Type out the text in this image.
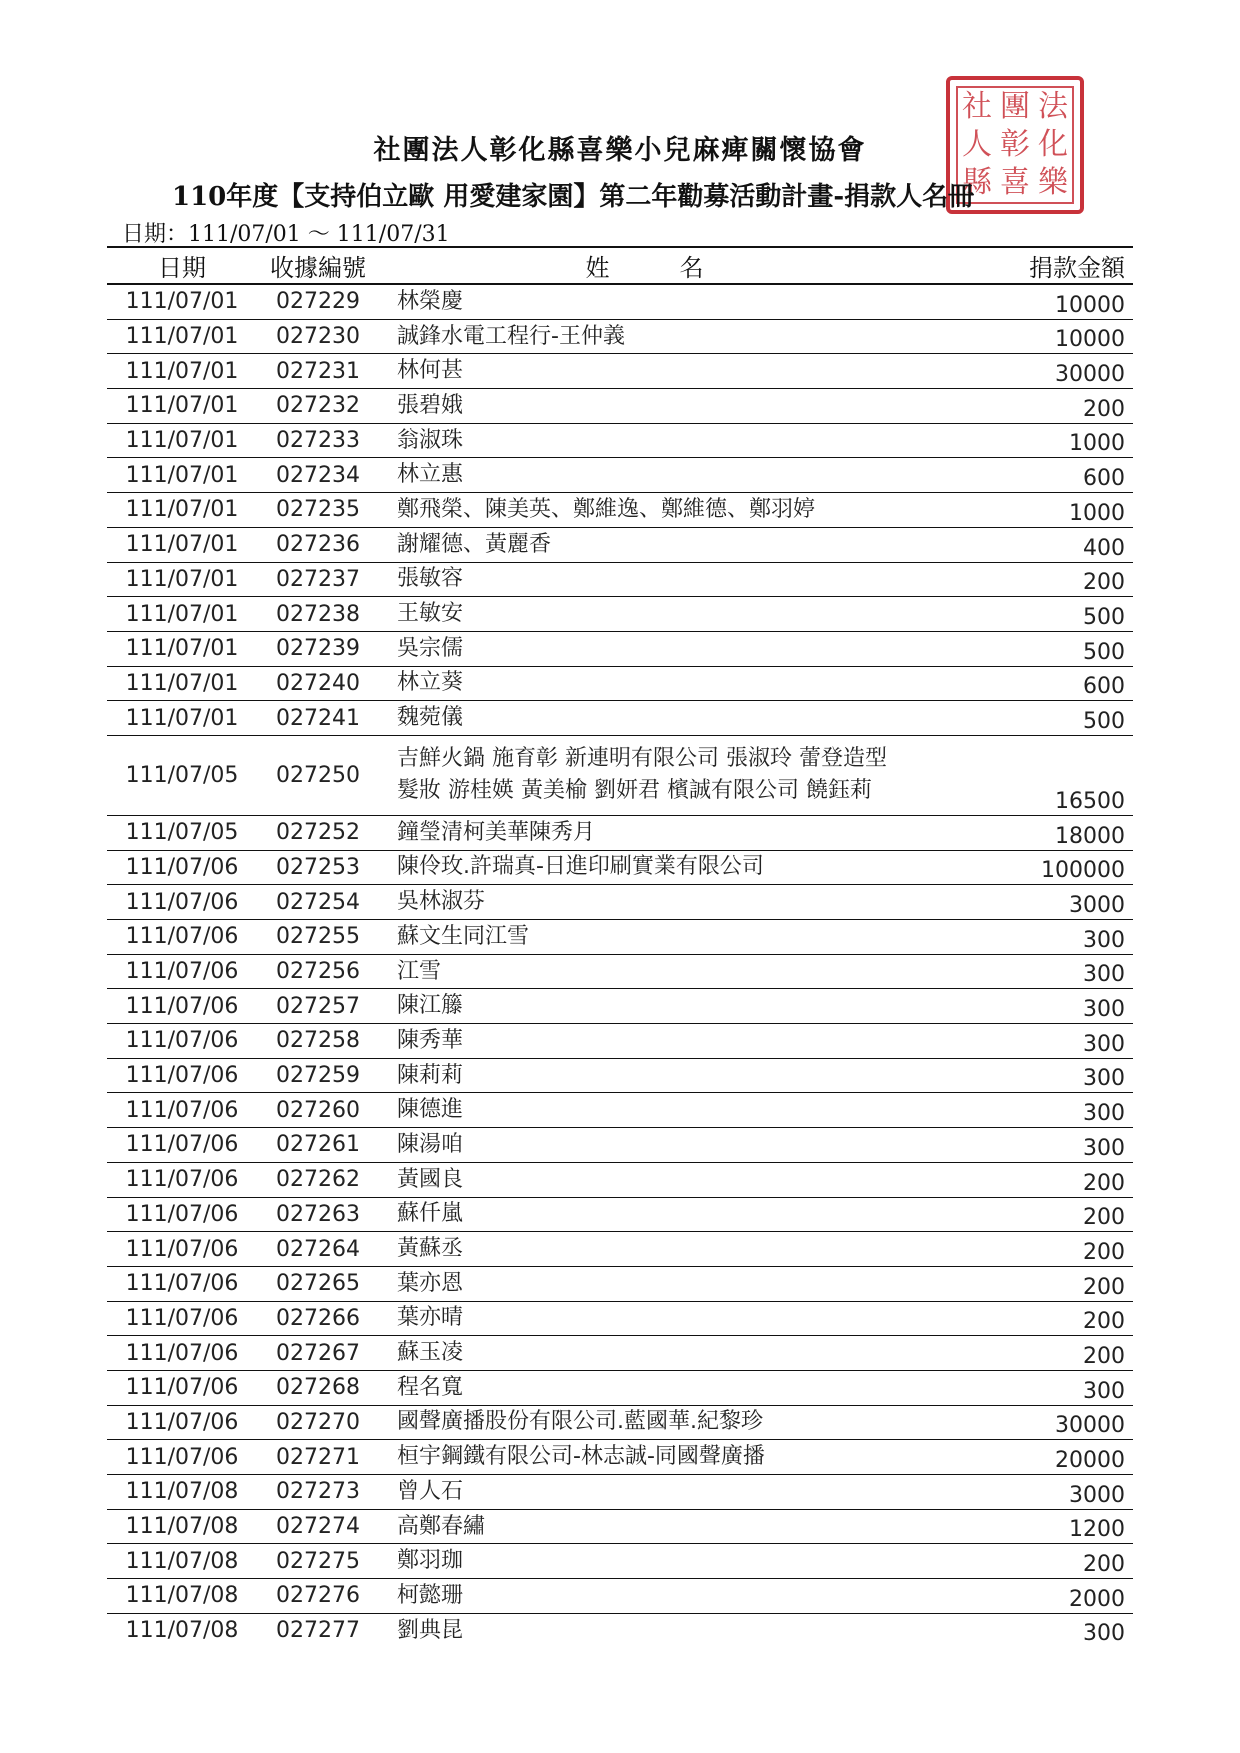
社 團 法
人 彰 化
縣 喜 樂
社團法人彰化縣喜樂小兒麻痺關懷協會
110年度【支持伯立歐 用愛建家園】第二年勸募活動計畫-捐款人名冊
日期：111/07/01 ～ 111/07/31
日期	收據編號	姓名	捐款金額
111/07/01	027229	林榮慶	10000
111/07/01	027230	誠鋒水電工程行-王仲義	10000
111/07/01	027231	林何甚	30000
111/07/01	027232	張碧娥	200
111/07/01	027233	翁淑珠	1000
111/07/01	027234	林立惠	600
111/07/01	027235	鄭飛榮、陳美英、鄭維逸、鄭維德、鄭羽婷	1000
111/07/01	027236	謝耀德、黃麗香	400
111/07/01	027237	張敏容	200
111/07/01	027238	王敏安	500
111/07/01	027239	吳宗儒	500
111/07/01	027240	林立葵	600
111/07/01	027241	魏菀儀	500
111/07/05	027250	吉鮮火鍋 施育彰 新連明有限公司 張淑玲 蕾登造型
髮妝 游桂媖 黃美榆 劉妍君 檳誠有限公司 饒鈺莉	16500
111/07/05	027252	鐘瑩清柯美華陳秀月	18000
111/07/06	027253	陳伶玫.許瑞真-日進印刷實業有限公司	100000
111/07/06	027254	吳林淑芬	3000
111/07/06	027255	蘇文生同江雪	300
111/07/06	027256	江雪	300
111/07/06	027257	陳江籐	300
111/07/06	027258	陳秀華	300
111/07/06	027259	陳莉莉	300
111/07/06	027260	陳德進	300
111/07/06	027261	陳湯咱	300
111/07/06	027262	黃國良	200
111/07/06	027263	蘇仟嵐	200
111/07/06	027264	黃蘇丞	200
111/07/06	027265	葉亦恩	200
111/07/06	027266	葉亦晴	200
111/07/06	027267	蘇玉凌	200
111/07/06	027268	程名寬	300
111/07/06	027270	國聲廣播股份有限公司.藍國華.紀黎珍	30000
111/07/06	027271	桓宇鋼鐵有限公司-林志誠-同國聲廣播	20000
111/07/08	027273	曾人石	3000
111/07/08	027274	高鄭春繡	1200
111/07/08	027275	鄭羽珈	200
111/07/08	027276	柯懿珊	2000
111/07/08	027277	劉典昆	300
